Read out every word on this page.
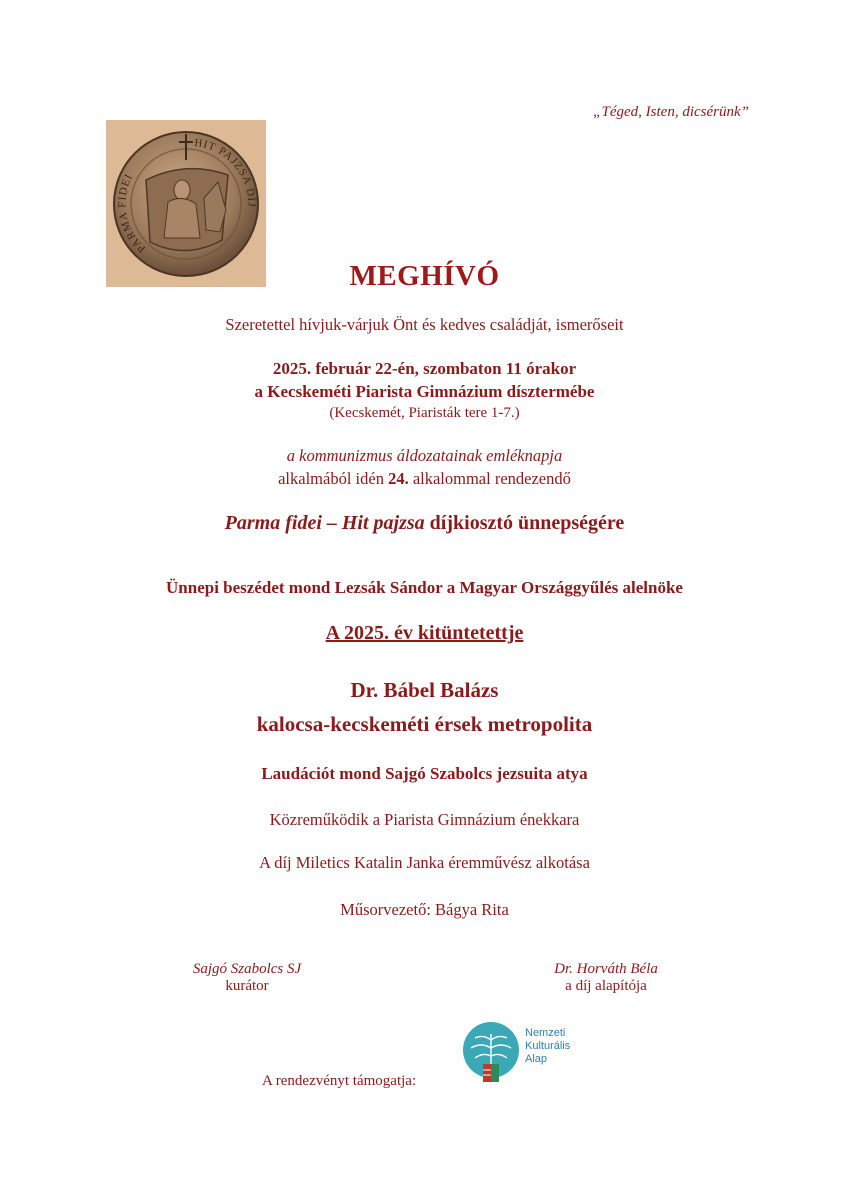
„Téged, Isten, dicsérünk”
PARMA FIDEI
HIT PAJZSA DÍJ
MEGHÍVÓ
Szeretettel hívjuk-várjuk Önt és kedves családját, ismerőseit
2025. február 22-én, szombaton 11 órakor
a Kecskeméti Piarista Gimnázium dísztermébe
(Kecskemét, Piaristák tere 1-7.)
a kommunizmus áldozatainak emléknapja
alkalmából idén 24. alkalommal rendezendő
Parma fidei – Hit pajzsa díjkiosztó ünnepségére
Ünnepi beszédet mond Lezsák Sándor a Magyar Országgyűlés alelnöke
A 2025. év kitüntetettje
Dr. Bábel Balázs
kalocsa-kecskeméti érsek metropolita
Laudációt mond Sajgó Szabolcs jezsuita atya
Közreműködik a Piarista Gimnázium énekkara
A díj Miletics Katalin Janka éremművész alkotása
Műsorvezető: Bágya Rita
Sajgó Szabolcs SJ
kurátor
Dr. Horváth Béla
a díj alapítója
A rendezvényt támogatja:
Nemzeti
Kulturális
Alap
